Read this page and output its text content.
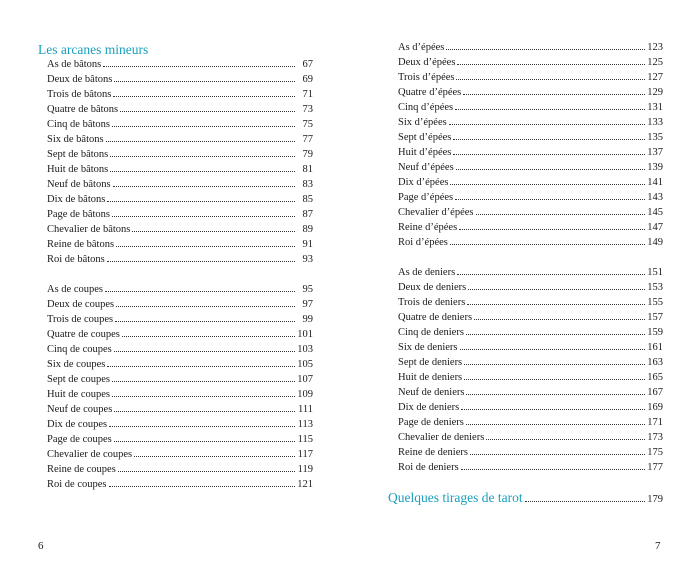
Les arcanes mineurs
As de bâtons	67
Deux de bâtons	69
Trois de bâtons	71
Quatre de bâtons	73
Cinq de bâtons	75
Six de bâtons	77
Sept de bâtons	79
Huit de bâtons	81
Neuf de bâtons	83
Dix de bâtons	85
Page de bâtons	87
Chevalier de bâtons	89
Reine de bâtons	91
Roi de bâtons	93
As de coupes	95
Deux de coupes	97
Trois de coupes	99
Quatre de coupes	101
Cinq de coupes	103
Six de coupes	105
Sept de coupes	107
Huit de coupes	109
Neuf de coupes	111
Dix de coupes	113
Page de coupes	115
Chevalier de coupes	117
Reine de coupes	119
Roi de coupes	121
6
As d’épées	123
Deux d’épées	125
Trois d’épées	127
Quatre d’épées	129
Cinq d’épées	131
Six d’épées	133
Sept d’épées	135
Huit d’épées	137
Neuf d’épées	139
Dix d’épées	141
Page d’épées	143
Chevalier d’épées	145
Reine d’épées	147
Roi d’épées	149
As de deniers	151
Deux de deniers	153
Trois de deniers	155
Quatre de deniers	157
Cinq de deniers	159
Six de deniers	161
Sept de deniers	163
Huit de deniers	165
Neuf de deniers	167
Dix de deniers	169
Page de deniers	171
Chevalier de deniers	173
Reine de deniers	175
Roi de deniers	177
Quelques tirages de tarot	179
7
